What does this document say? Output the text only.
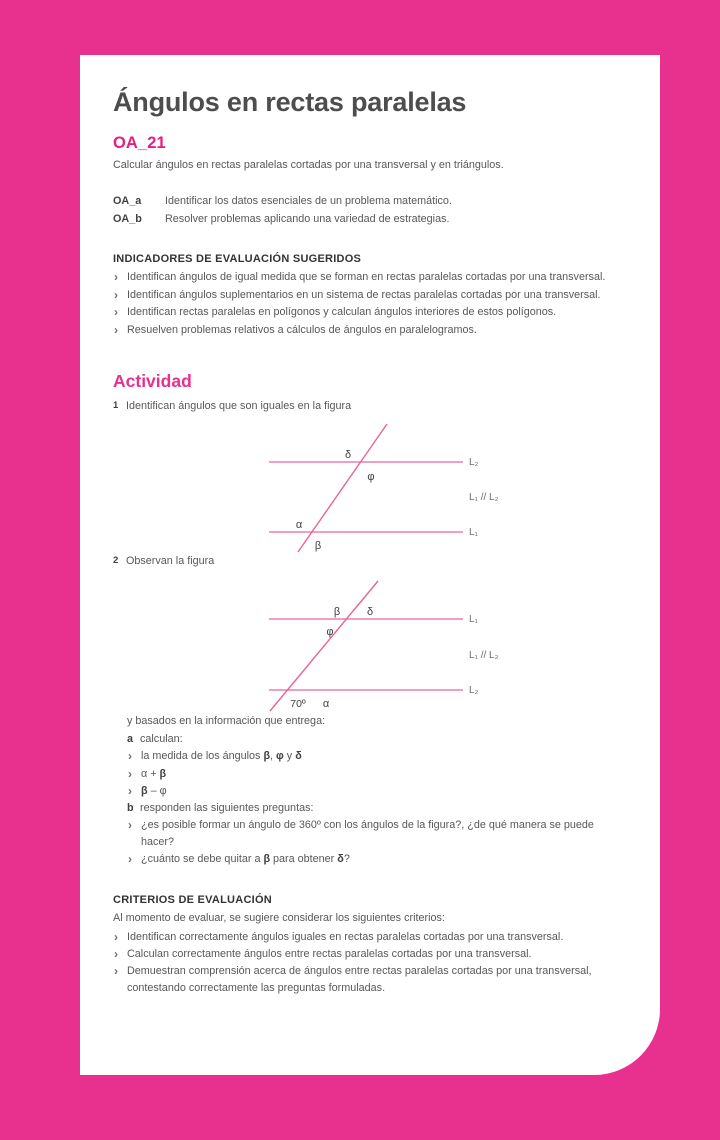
Ángulos en rectas paralelas
OA_21

Calcular ángulos en rectas paralelas cortadas por una transversal y en triángulos.

OA_a	Identificar los datos esenciales de un problema matemático.
OA_b	Resolver problemas aplicando una variedad de estrategias.
INDICADORES DE EVALUACIÓN SUGERIDOS
› Identifican ángulos de igual medida que se forman en rectas paralelas cortadas por una transversal.
› Identifican ángulos suplementarios en un sistema de rectas paralelas cortadas por una transversal.
› Identifican rectas paralelas en polígonos y calculan ángulos interiores de estos polígonos.
› Resuelven problemas relativos a cálculos de ángulos en paralelogramos.
Actividad
1 Identifican ángulos que son iguales en la figura
L₂
L₁
L₁ // L₂
δ
φ
α
β
2 Observan la figura
L₁
L₂
L₁ // L₂
β δ
φ
70º α

y basados en la información que entrega:

a calculan:
› la medida de los ángulos β, φ y δ
› α + β
› β – φ
b responden las siguientes preguntas:
› ¿es posible formar un ángulo de 360º con los ángulos de la figura?, ¿de qué manera se puede hacer?
› ¿cuánto se debe quitar a β para obtener δ?
CRITERIOS DE EVALUACIÓN

Al momento de evaluar, se sugiere considerar los siguientes criterios:

› Identifican correctamente ángulos iguales en rectas paralelas cortadas por una transversal.
› Calculan correctamente ángulos entre rectas paralelas cortadas por una transversal.
› Demuestran comprensión acerca de ángulos entre rectas paralelas cortadas por una transversal, contestando correctamente las preguntas formuladas.
